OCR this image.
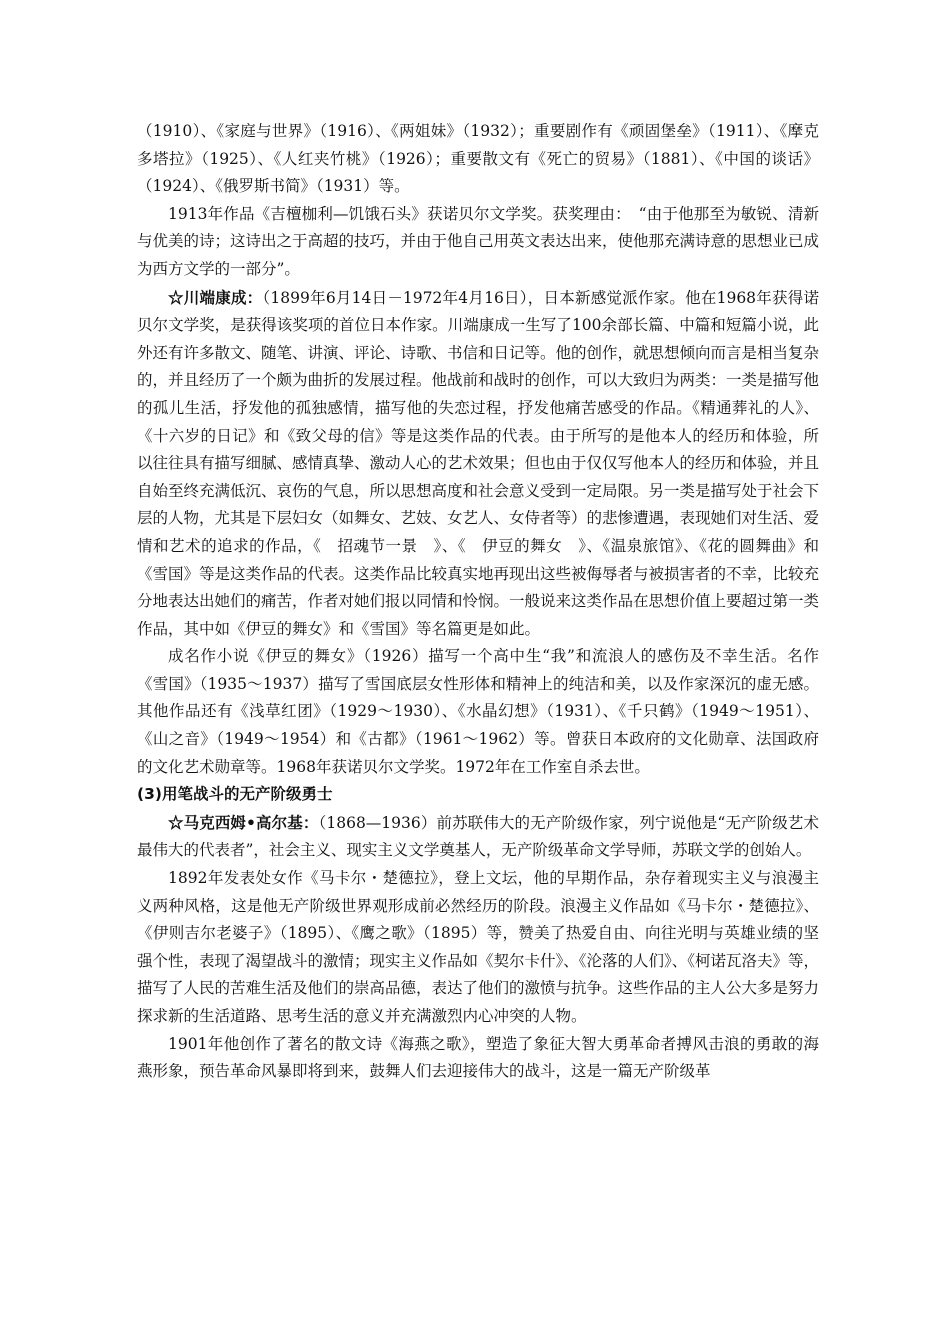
（1910）、《家庭与世界》（1916）、《两姐妹》（1932）；重要剧作有《顽固堡垒》（1911）、《摩克多塔拉》（1925）、《人红夹竹桃》（1926）；重要散文有《死亡的贸易》（1881）、《中国的谈话》（1924）、《俄罗斯书简》（1931）等。

1913年作品《吉檀枷利—饥饿石头》获诺贝尔文学奖。获奖理由：　“由于他那至为敏锐、清新与优美的诗；这诗出之于高超的技巧，并由于他自己用英文表达出来，使他那充满诗意的思想业已成为西方文学的一部分”。

☆川端康成：（1899年6月14日－1972年4月16日），日本新感觉派作家。他在1968年获得诺贝尔文学奖，是获得该奖项的首位日本作家。川端康成一生写了100余部长篇、中篇和短篇小说，此外还有许多散文、随笔、讲演、评论、诗歌、书信和日记等。他的创作，就思想倾向而言是相当复杂的，并且经历了一个颇为曲折的发展过程。他战前和战时的创作，可以大致归为两类：一类是描写他的孤儿生活，抒发他的孤独感情，描写他的失恋过程，抒发他痛苦感受的作品。《精通葬礼的人》、《十六岁的日记》和《致父母的信》等是这类作品的代表。由于所写的是他本人的经历和体验，所以往往具有描写细腻、感情真挚、激动人心的艺术效果；但也由于仅仅写他本人的经历和体验，并且自始至终充满低沉、哀伤的气息，所以思想高度和社会意义受到一定局限。另一类是描写处于社会下层的人物，尤其是下层妇女（如舞女、艺妓、女艺人、女侍者等）的悲惨遭遇，表现她们对生活、爱情和艺术的追求的作品，《　招魂节一景　》、《　伊豆的舞女　》、《温泉旅馆》、《花的圆舞曲》和《雪国》等是这类作品的代表。这类作品比较真实地再现出这些被侮辱者与被损害者的不幸，比较充分地表达出她们的痛苦，作者对她们报以同情和怜悯。一般说来这类作品在思想价值上要超过第一类作品，其中如《伊豆的舞女》和《雪国》等名篇更是如此。

成名作小说《伊豆的舞女》（1926）描写一个高中生“我”和流浪人的感伤及不幸生活。名作《雪国》（1935～1937）描写了雪国底层女性形体和精神上的纯洁和美，以及作家深沉的虚无感。其他作品还有《浅草红团》（1929～1930）、《水晶幻想》（1931）、《千只鹤》（1949～1951）、《山之音》（1949～1954）和《古都》（1961～1962）等。曾获日本政府的文化勋章、法国政府的文化艺术勋章等。1968年获诺贝尔文学奖。1972年在工作室自杀去世。

(3)用笔战斗的无产阶级勇士

☆马克西姆•高尔基：（1868—1936）前苏联伟大的无产阶级作家，列宁说他是“无产阶级艺术最伟大的代表者”，社会主义、现实主义文学奠基人，无产阶级革命文学导师，苏联文学的创始人。

1892年发表处女作《马卡尔・楚德拉》，登上文坛，他的早期作品，杂存着现实主义与浪漫主义两种风格，这是他无产阶级世界观形成前必然经历的阶段。浪漫主义作品如《马卡尔・楚德拉》、《伊则吉尔老婆子》（1895）、《鹰之歌》（1895）等，赞美了热爱自由、向往光明与英雄业绩的坚强个性，表现了渴望战斗的激情；现实主义作品如《契尔卡什》、《沦落的人们》、《柯诺瓦洛夫》等，描写了人民的苦难生活及他们的崇高品德，表达了他们的激愤与抗争。这些作品的主人公大多是努力探求新的生活道路、思考生活的意义并充满激烈内心冲突的人物。

1901年他创作了著名的散文诗《海燕之歌》，塑造了象征大智大勇革命者搏风击浪的勇敢的海燕形象，预告革命风暴即将到来，鼓舞人们去迎接伟大的战斗，这是一篇无产阶级革
